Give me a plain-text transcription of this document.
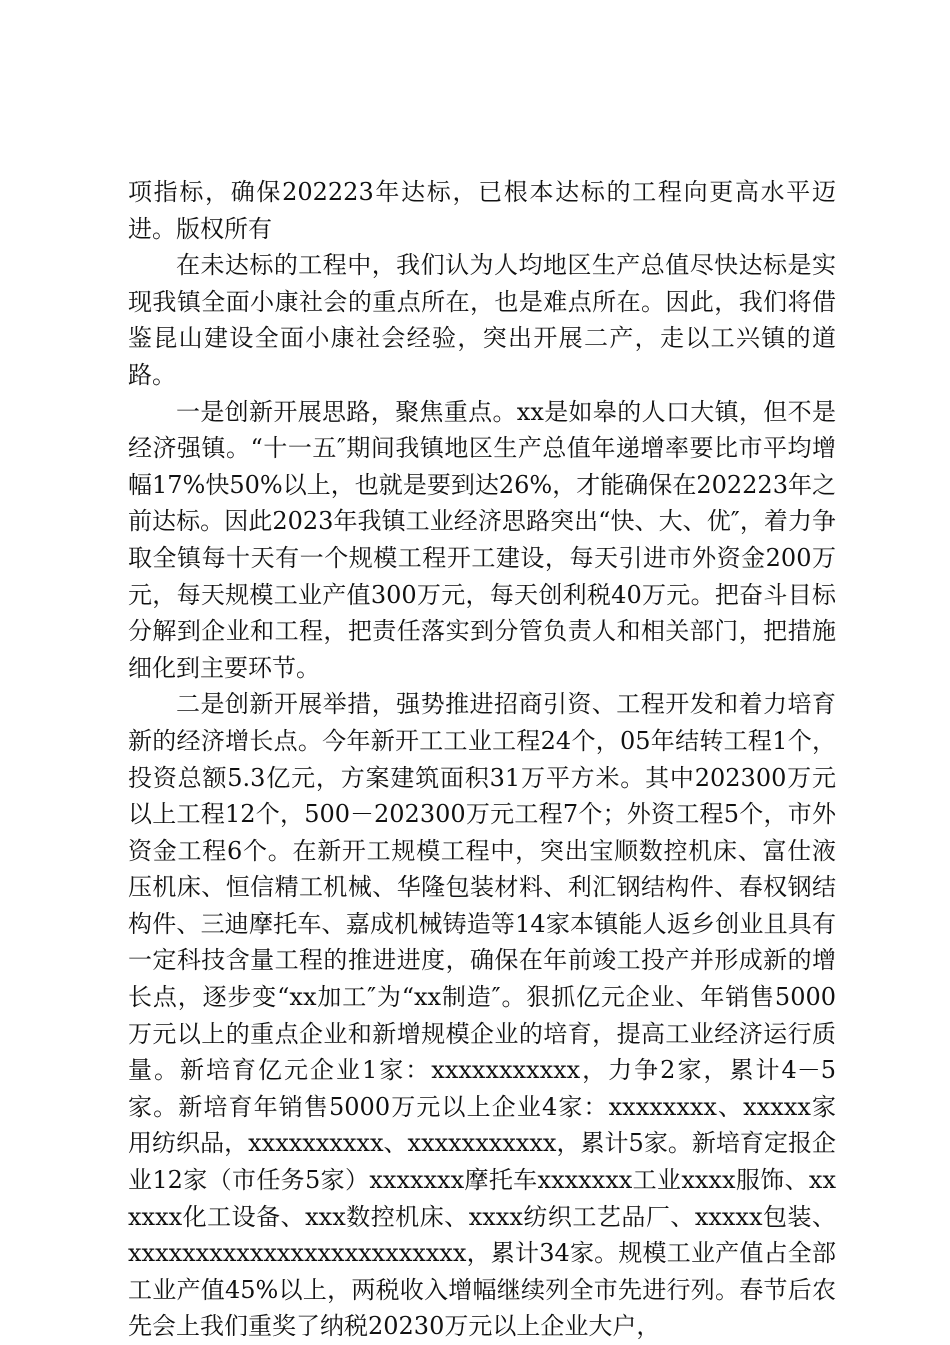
项指标，确保202223年达标，已根本达标的工程向更高水平迈进。版权所有

在未达标的工程中，我们认为人均地区生产总值尽快达标是实现我镇全面小康社会的重点所在，也是难点所在。因此，我们将借鉴昆山建设全面小康社会经验，突出开展二产，走以工兴镇的道路。

一是创新开展思路，聚焦重点。xx是如皋的人口大镇，但不是经济强镇。“十一五″期间我镇地区生产总值年递增率要比市平均增幅17%快50%以上，也就是要到达26%，才能确保在202223年之前达标。因此2023年我镇工业经济思路突出“快、大、优″，着力争取全镇每十天有一个规模工程开工建设，每天引进市外资金200万元，每天规模工业产值300万元，每天创利税40万元。把奋斗目标分解到企业和工程，把责任落实到分管负责人和相关部门，把措施细化到主要环节。

二是创新开展举措，强势推进招商引资、工程开发和着力培育新的经济增长点。今年新开工工业工程24个，05年结转工程1个，投资总额5.3亿元，方案建筑面积31万平方米。其中202300万元以上工程12个，500－202300万元工程7个；外资工程5个，市外资金工程6个。在新开工规模工程中，突出宝顺数控机床、富仕液压机床、恒信精工机械、华隆包装材料、利汇钢结构件、春权钢结构件、三迪摩托车、嘉成机械铸造等14家本镇能人返乡创业且具有一定科技含量工程的推进进度，确保在年前竣工投产并形成新的增长点，逐步变“xx加工″为“xx制造″。狠抓亿元企业、年销售5000万元以上的重点企业和新增规模企业的培育，提高工业经济运行质量。新培育亿元企业1家：xxxxxxxxxxx，力争2家，累计4－5家。新培育年销售5000万元以上企业4家：xxxxxxxx、xxxxx家用纺织品，xxxxxxxxxx、xxxxxxxxxxx，累计5家。新培育定报企业12家（市任务5家）xxxxxxx摩托车xxxxxxx工业xxxx服饰、xxxxxx化工设备、xxx数控机床、xxxx纺织工艺品厂、xxxxx包装、xxxxxxxxxxxxxxxxxxxxxxxxx，累计34家。规模工业产值占全部工业产值45%以上，两税收入增幅继续列全市先进行列。春节后农先会上我们重奖了纳税20230万元以上企业大户，
